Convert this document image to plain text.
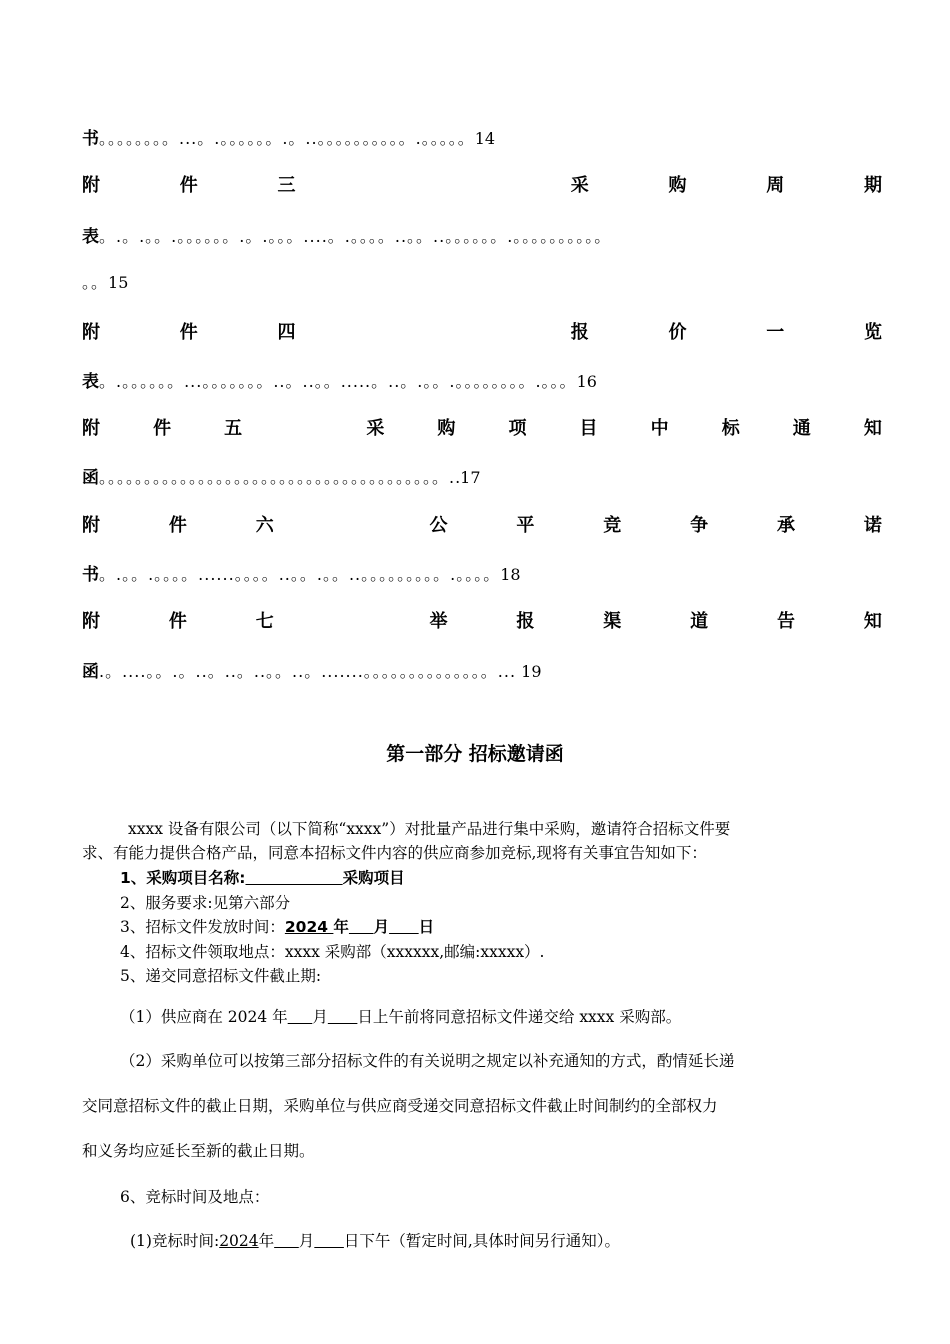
书。。。。。。。。...。.。。。。。。.。..。。。。。。。。。。.。。。。。14
附	件	三	采	购	周	期
表。.。.。。.。。。。。。.。.。。。....。.。。。。..。。..。。。。。。.。。。。。。。。。。
。。15
附	件	四	报	价	一	览
表。.。。。。。。...。。。。。。。..。..。。.....。..。.。。.。。。。。。。。.。。。16
附	件	五	采	购	项	目	中	标	通	知
函。。。。。。。。。。。。。。。。。。。。。。。。。。。。。。。。。。。。。。..17
附	件	六	公	平	竞	争	承	诺
书。.。。.。。。。......。。。。..。。.。。..。。。。。。。。。.。。。。18
附	件	七	举	报	渠	道	告	知
函.。....。。.。..。..。..。。..。.......。。。。。。。。。。。。。。... 19
第一部分 招标邀请函
xxxx 设备有限公司（以下简称“xxxx”）对批量产品进行集中采购，邀请符合招标文件要
求、有能力提供合格产品，同意本招标文件内容的供应商参加竞标,现将有关事宜告知如下：
1、采购项目名称:	采购项目
2、服务要求:见第六部分
3、招标文件发放时间：2024 年 月 日
4、招标文件领取地点：xxxx 采购部（xxxxxx,邮编:xxxxx）.
5、递交同意招标文件截止期:
（1）供应商在 2024 年 月 日上午前将同意招标文件递交给 xxxx 采购部。
（2）采购单位可以按第三部分招标文件的有关说明之规定以补充通知的方式，酌情延长递
交同意招标文件的截止日期，采购单位与供应商受递交同意招标文件截止时间制约的全部权力
和义务均应延长至新的截止日期。
6、竞标时间及地点：
(1)竞标时间:2024年 月 日下午（暂定时间,具体时间另行通知）。
